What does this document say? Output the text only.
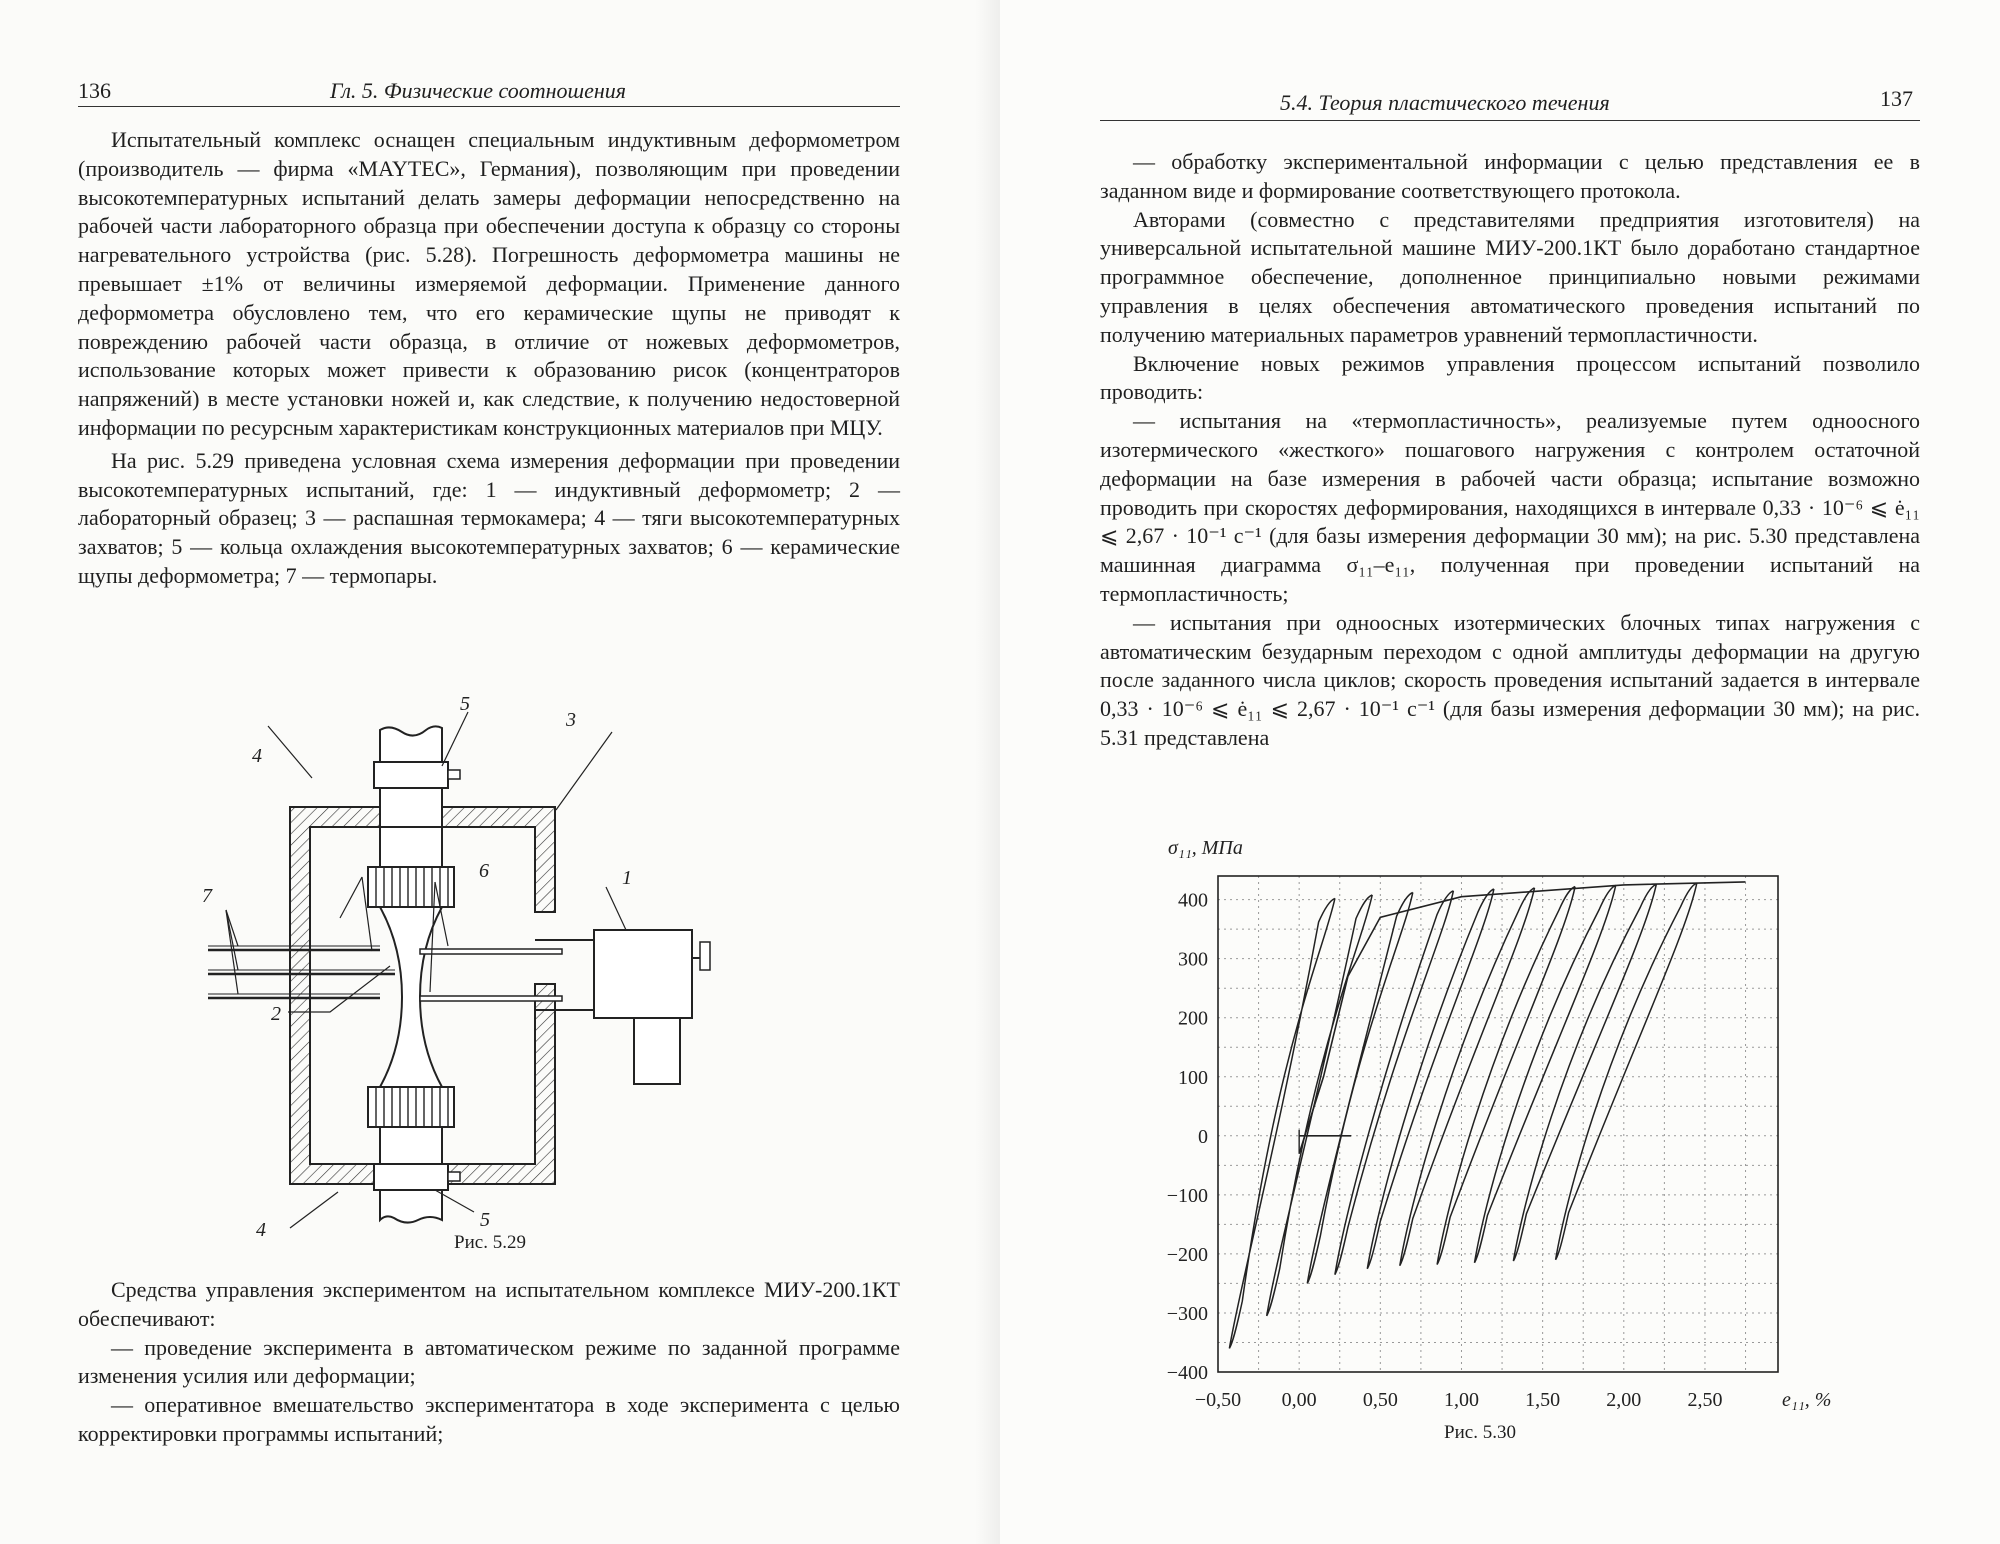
136	Гл. 5. Физические соотношения

Испытательный комплекс оснащен специальным индуктивным деформометром (производитель — фирма «MAYTEC», Германия), позволяющим при проведении высокотемпературных испытаний делать замеры деформации непосредственно на рабочей части лабораторного образца при обеспечении доступа к образцу со стороны нагревательного устройства (рис. 5.28). Погрешность деформометра машины не превышает ±1% от величины измеряемой деформации. Применение данного деформометра обусловлено тем, что его керамические щупы не приводят к повреждению рабочей части образца, в отличие от ножевых деформометров, использование которых может привести к образованию рисок (концентраторов напряжений) в месте установки ножей и, как следствие, к получению недостоверной информации по ресурсным характеристикам конструкционных материалов при МЦУ.

На рис. 5.29 приведена условная схема измерения деформации при проведении высокотемпературных испытаний, где: 1 — индуктивный деформометр; 2 — лабораторный образец; 3 — распашная термокамера; 4 — тяги высокотемпературных захватов; 5 — кольца охлаждения высокотемпературных захватов; 6 — керамические щупы деформометра; 7 — термопары.

1
2
3
4
4
5
5
6
7
Рис. 5.29

Средства управления экспериментом на испытательном комплексе МИУ-200.1КТ обеспечивают:

— проведение эксперимента в автоматическом режиме по заданной программе изменения усилия или деформации;

— оперативное вмешательство экспериментатора в ходе эксперимента с целью корректировки программы испытаний;

5.4. Теория пластического течения	137

— обработку экспериментальной информации с целью представления ее в заданном виде и формирование соответствующего протокола.

Авторами (совместно с представителями предприятия изготовителя) на универсальной испытательной машине МИУ-200.1КТ было доработано стандартное программное обеспечение, дополненное принципиально новыми режимами управления в целях обеспечения автоматического проведения испытаний по получению материальных параметров уравнений термопластичности.

Включение новых режимов управления процессом испытаний позволило проводить:

— испытания на «термопластичность», реализуемые путем одноосного изотермического «жесткого» пошагового нагружения с контролем остаточной деформации на базе измерения в рабочей части образца; испытание возможно проводить при скоростях деформирования, находящихся в интервале 0,33 · 10⁻⁶ ⩽ ė₁₁ ⩽ 2,67 · 10⁻¹ с⁻¹ (для базы измерения деформации 30 мм); на рис. 5.30 представлена машинная диаграмма σ₁₁–e₁₁, полученная при проведении испытаний на термопластичность;

— испытания при одноосных изотермических блочных типах нагружения с автоматическим безударным переходом с одной амплитуды деформации на другую после заданного числа циклов; скорость проведения испытаний задается в интервале 0,33 · 10⁻⁶ ⩽ ė₁₁ ⩽ 2,67 · 10⁻¹ с⁻¹ (для базы измерения деформации 30 мм); на рис. 5.31 представлена

−0,50 0,00 0,50 1,00 1,50 2,00 2,50
400
300
200
100
0
−100
−200
−300
−400
σ₁₁, МПа
e₁₁, %
Рис. 5.30
